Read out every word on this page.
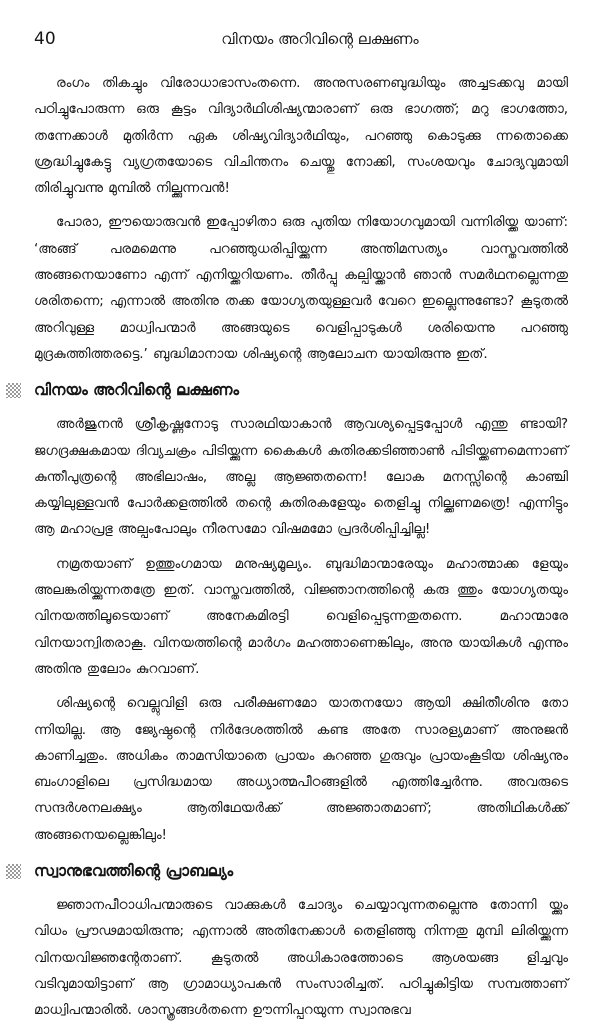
40	വിനയം അറിവിന്റെ ലക്ഷണം

രംഗം തികച്ചും വിരോധാഭാസംതന്നെ. അനുസരണബുദ്ധിയും അച്ചടക്കവു മായി പഠിച്ചുപോരുന്ന ഒരു കൂട്ടം വിദ്യാർഥിശിഷ്യന്മാരാണ് ഒരു ഭാഗത്ത്; മറു ഭാഗത്തോ, തന്നേക്കാൾ മുതിർന്ന ഏക ശിഷ്യവിദ്യാർഥിയും, പറഞ്ഞു കൊടുക്കു ന്നതൊക്കെ ശ്രദ്ധിച്ചുകേട്ടു വ്യഗ്രതയോടെ വിചിന്തനം ചെയ്തു നോക്കി, സംശയവും ചോദ്യവുമായി തിരിച്ചുവന്നു മുമ്പിൽ നില്ക്കുന്നവൻ!

പോരാ, ഈയൊരുവൻ ഇപ്പോഴിതാ ഒരു പുതിയ നിയോഗവുമായി വന്നിരിയ്ക്ക യാണ്: ‘അങ്ങ് പരമമെന്നു പറഞ്ഞുധരിപ്പിയ്ക്കുന്ന അന്തിമസത്യം വാസ്തവത്തിൽ അങ്ങനെയാണോ എന്ന് എനിയ്ക്കറിയണം. തീർപ്പു കല്പിയ്ക്കാൻ ഞാൻ സമർഥനല്ലെന്നതു ശരിതന്നെ; എന്നാൽ അതിനു തക്ക യോഗ്യതയുള്ളവർ വേറെ ഇല്ലെന്നുണ്ടോ? കൂടുതൽ അറിവുള്ള മാധ്വിപന്മാർ അങ്ങയുടെ വെളിപ്പാടുകൾ ശരിയെന്നു പറഞ്ഞു മുദ്രകുത്തിത്തരട്ടെ.’ ബുദ്ധിമാനായ ശിഷ്യന്റെ ആലോചന യായിരുന്നു ഇത്.

വിനയം അറിവിന്റെ ലക്ഷണം

അർജുനൻ ശ്രീകൃഷ്ണനോടു സാരഥിയാകാൻ ആവശ്യപ്പെട്ടപ്പോൾ എന്തു ണ്ടായി? ജഗദ്രക്ഷകമായ ദിവ്യചക്രം പിടിയ്ക്കുന്ന കൈകൾ കുതിരക്കടിഞ്ഞാൺ പിടിയ്ക്കണമെന്നാണ് കുന്തീപുത്രന്റെ അഭിലാഷം, അല്ല ആജ്ഞതന്നെ! ലോക മനസ്സിന്റെ കാഞ്ചി കയ്യിലുള്ളവൻ പോർക്കളത്തിൽ തന്റെ കുതിരകളേയും തെളിച്ചു നില്ക്കണമത്രെ! എന്നിട്ടും ആ മഹാപ്രഭു അല്പംപോലും നീരസമോ വിഷമമോ പ്രദർശിപ്പിച്ചില്ല!

നമ്രതയാണ് ഉത്തുംഗമായ മനുഷ്യമൂല്യം. ബുദ്ധിമാന്മാരേയും മഹാത്മാക്ക ളേയും അലങ്കരിയ്ക്കുന്നതത്രേ ഇത്. വാസ്തവത്തിൽ, വിജ്ഞാനത്തിന്റെ കരു ത്തും യോഗ്യതയും വിനയത്തിലൂടെയാണ് അനേകമിരട്ടി വെളിപ്പെടുന്നതുതന്നെ. മഹാന്മാരേ വിനയാന്വിതരാകൂ. വിനയത്തിന്റെ മാർഗം മഹത്താണെങ്കിലും, അനു യായികൾ എന്നും അതിനു തുലോം കുറവാണ്.

ശിഷ്യന്റെ വെല്ലുവിളി ഒരു പരീക്ഷണമോ യാതനയോ ആയി ക്ഷിതീശിനു തോ ന്നിയില്ല. ആ ജ്യേഷ്ഠന്റെ നിർദേശത്തിൽ കണ്ട അതേ സാരള്യമാണ് അനുജൻ കാണിച്ചതും. അധികം താമസിയാതെ പ്രായം കുറഞ്ഞ ഗുരുവും പ്രായംകൂടിയ ശിഷ്യനും ബംഗാളിലെ പ്രസിദ്ധമായ അധ്യാത്മപീഠങ്ങളിൽ എത്തിച്ചേർന്നു. അവരുടെ സന്ദർശനലക്ഷ്യം ആതിഥേയർക്ക് അജ്ഞാതമാണ്; അതിഥികൾക്ക് അങ്ങനെയല്ലെങ്കിലും!

സ്വാനുഭവത്തിന്റെ പ്രാബല്യം

ജ്ഞാനപീഠാധിപന്മാരുടെ വാക്കുകൾ ചോദ്യം ചെയ്യാവുന്നതല്ലെന്നു തോന്നി യ്ക്കും വിധം പ്രൗഢമായിരുന്നു; എന്നാൽ അതിനേക്കാൾ തെളിഞ്ഞു നിന്നതു മുമ്പി ലിരിയ്ക്കുന്ന വിനയവിജ്ഞന്റേതാണ്. കൂടുതൽ അധികാരത്തോടെ ആശയങ്ങ ളിച്ചവും വടിവുമായിട്ടാണ് ആ ഗ്രാമാധ്യാപകൻ സംസാരിച്ചത്. പഠിച്ചുകിട്ടിയ സമ്പത്താണ് മാധ്വിപന്മാരിൽ. ശാസ്ത്രങ്ങൾതന്നെ ഊന്നിപ്പറയുന്ന സ്വാനുഭവ
